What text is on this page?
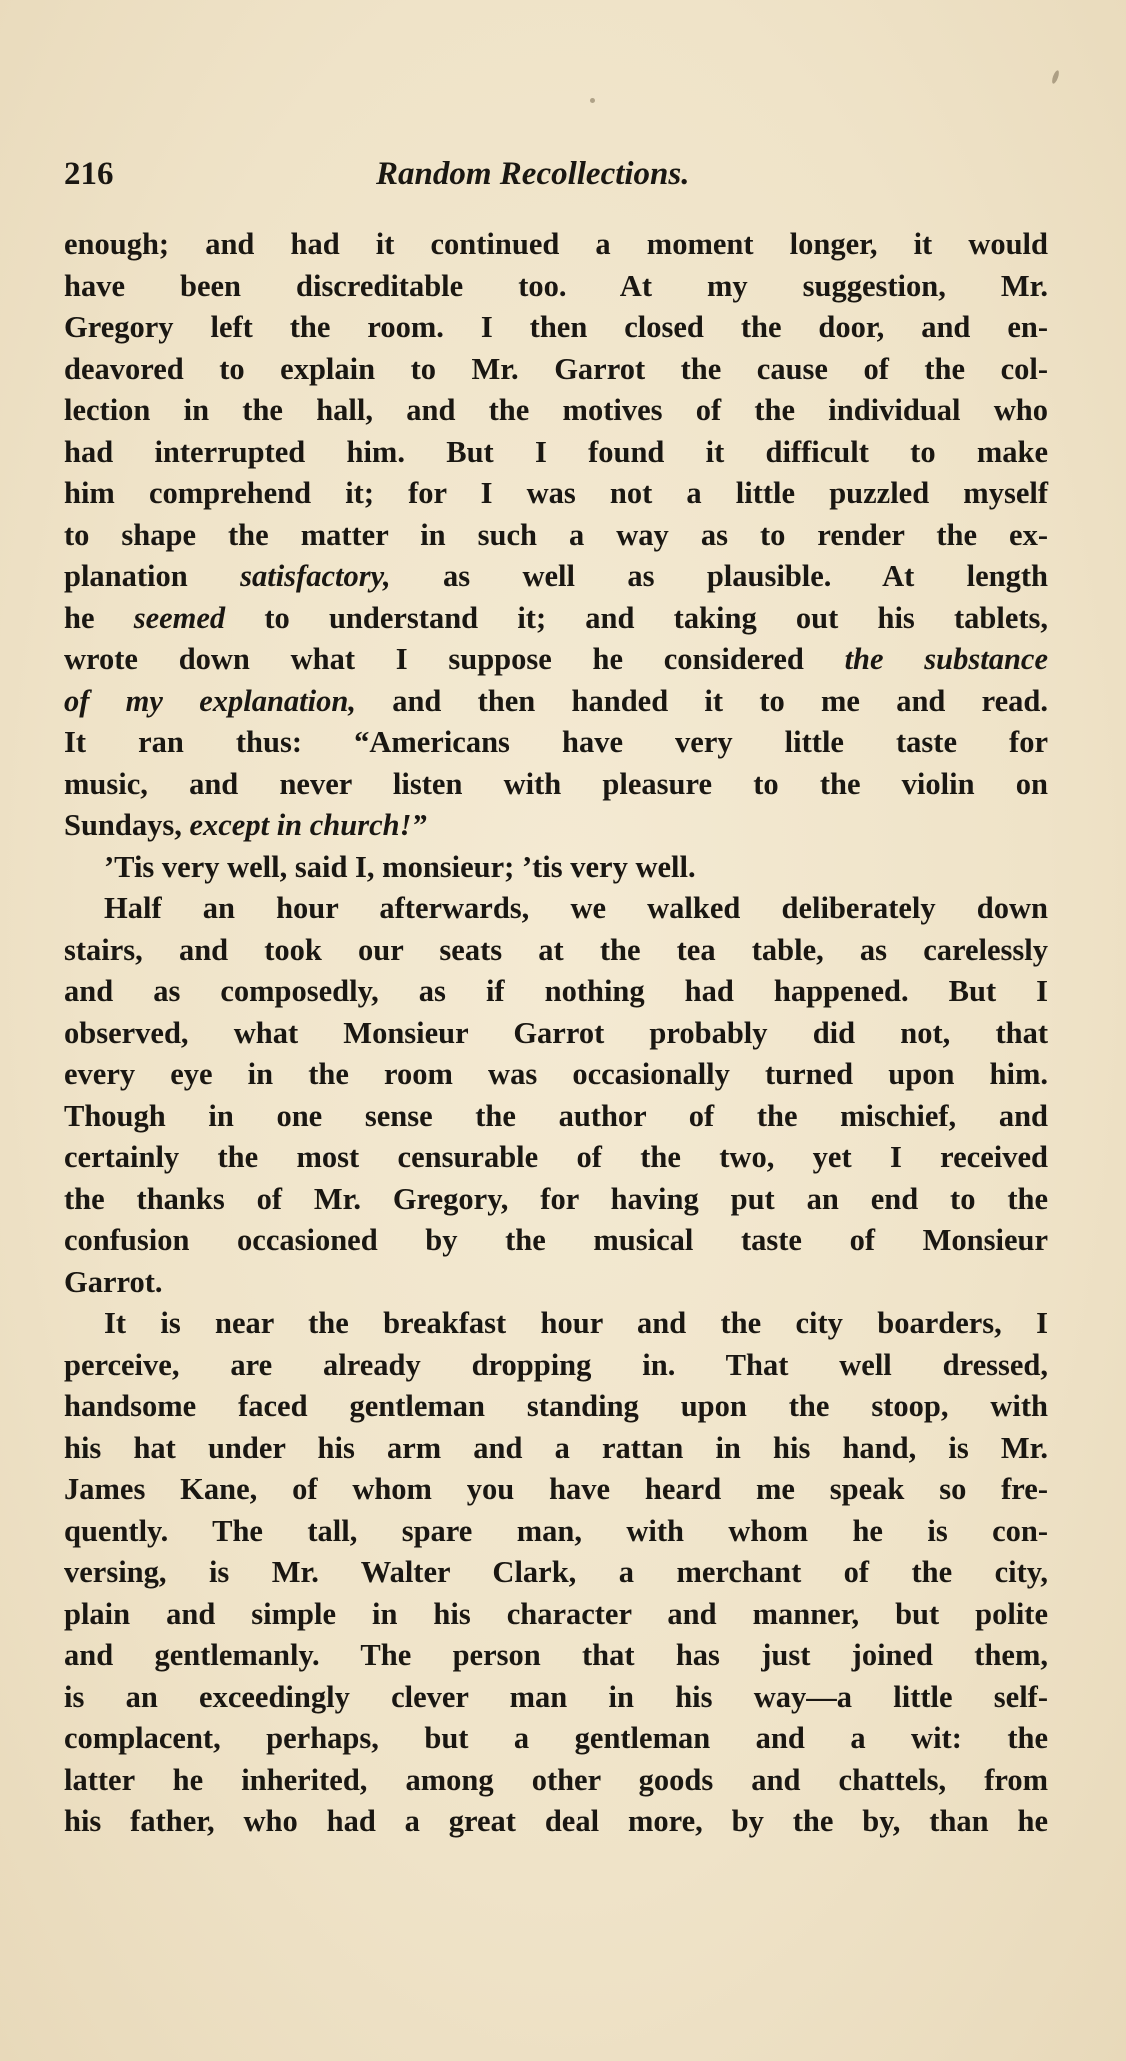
216	Random Recollections.
enough; and had it continued a moment longer, it would
have been discreditable too. At my suggestion, Mr.
Gregory left the room. I then closed the door, and en-
deavored to explain to Mr. Garrot the cause of the col-
lection in the hall, and the motives of the individual who
had interrupted him. But I found it difficult to make
him comprehend it; for I was not a little puzzled myself
to shape the matter in such a way as to render the ex-
planation satisfactory, as well as plausible. At length
he seemed to understand it; and taking out his tablets,
wrote down what I suppose he considered the substance
of my explanation, and then handed it to me and read.
It ran thus: “Americans have very little taste for
music, and never listen with pleasure to the violin on
Sundays, except in church!”
’Tis very well, said I, monsieur; ’tis very well.
Half an hour afterwards, we walked deliberately down
stairs, and took our seats at the tea table, as carelessly
and as composedly, as if nothing had happened. But I
observed, what Monsieur Garrot probably did not, that
every eye in the room was occasionally turned upon him.
Though in one sense the author of the mischief, and
certainly the most censurable of the two, yet I received
the thanks of Mr. Gregory, for having put an end to the
confusion occasioned by the musical taste of Monsieur
Garrot.
It is near the breakfast hour and the city boarders, I
perceive, are already dropping in. That well dressed,
handsome faced gentleman standing upon the stoop, with
his hat under his arm and a rattan in his hand, is Mr.
James Kane, of whom you have heard me speak so fre-
quently. The tall, spare man, with whom he is con-
versing, is Mr. Walter Clark, a merchant of the city,
plain and simple in his character and manner, but polite
and gentlemanly. The person that has just joined them,
is an exceedingly clever man in his way—a little self-
complacent, perhaps, but a gentleman and a wit: the
latter he inherited, among other goods and chattels, from
his father, who had a great deal more, by the by, than he
